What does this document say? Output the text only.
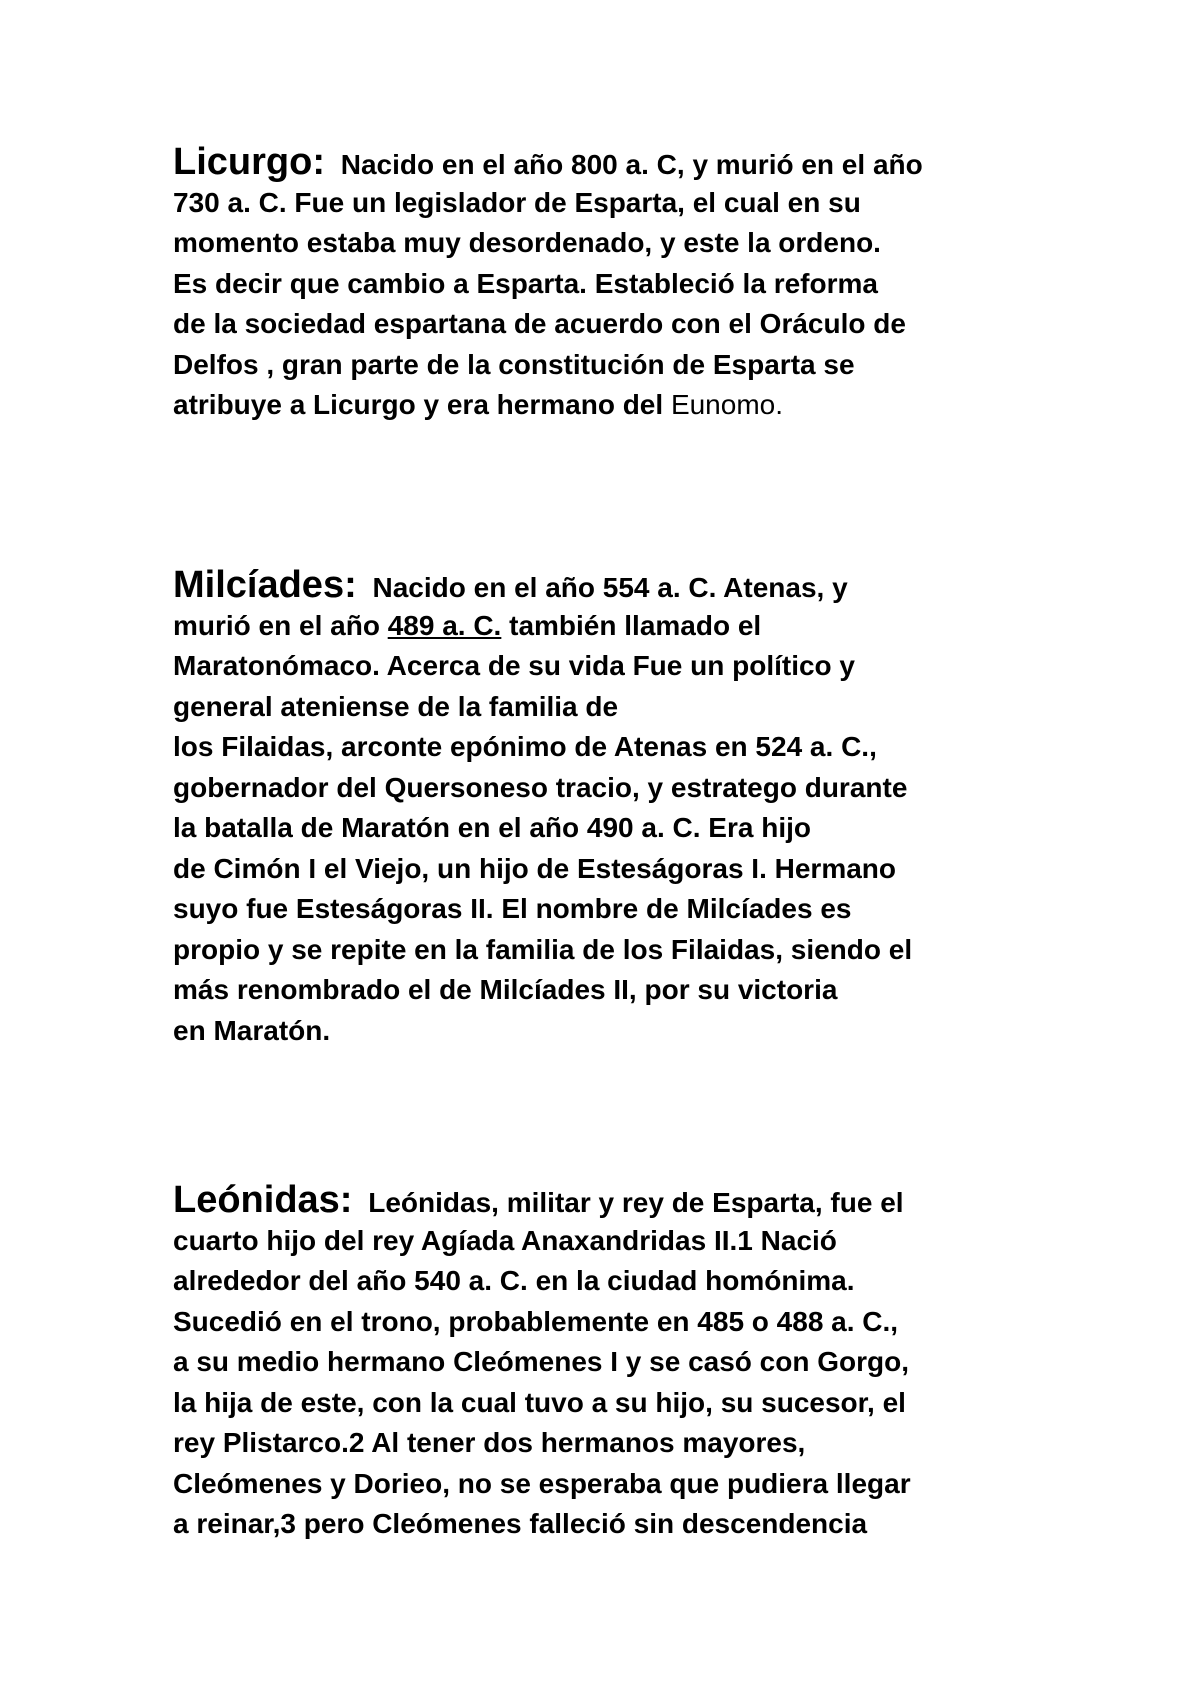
Licurgo: Nacido en el año 800 a. C, y murió en el año
730 a. C. Fue un legislador de Esparta, el cual en su
momento estaba muy desordenado, y este la ordeno.
Es decir que cambio a Esparta. Estableció la reforma
de la sociedad espartana de acuerdo con el Oráculo de
Delfos , gran parte de la constitución de Esparta se
atribuye a Licurgo y era hermano del Eunomo.
Milcíades: Nacido en el año 554 a. C. Atenas, y
murió en el año 489 a. C. también llamado el
Maratonómaco. Acerca de su vida Fue un político y
general ateniense de la familia de
los Filaidas, arconte epónimo de Atenas en 524 a. C.,
gobernador del Quersoneso tracio, y estratego durante
la batalla de Maratón en el año 490 a. C. Era hijo
de Cimón I el Viejo, un hijo de Esteságoras I. Hermano
suyo fue Esteságoras II. El nombre de Milcíades es
propio y se repite en la familia de los Filaidas, siendo el
más renombrado el de Milcíades II, por su victoria
en Maratón.
Leónidas: Leónidas, militar y rey de Esparta, fue el
cuarto hijo del rey Agíada Anaxandridas II.1 Nació
alrededor del año 540 a. C. en la ciudad homónima.
Sucedió en el trono, probablemente en 485 o 488 a. C.,
a su medio hermano Cleómenes I y se casó con Gorgo,
la hija de este, con la cual tuvo a su hijo, su sucesor, el
rey Plistarco.2 Al tener dos hermanos mayores,
Cleómenes y Dorieo, no se esperaba que pudiera llegar
a reinar,3 pero Cleómenes falleció sin descendencia
